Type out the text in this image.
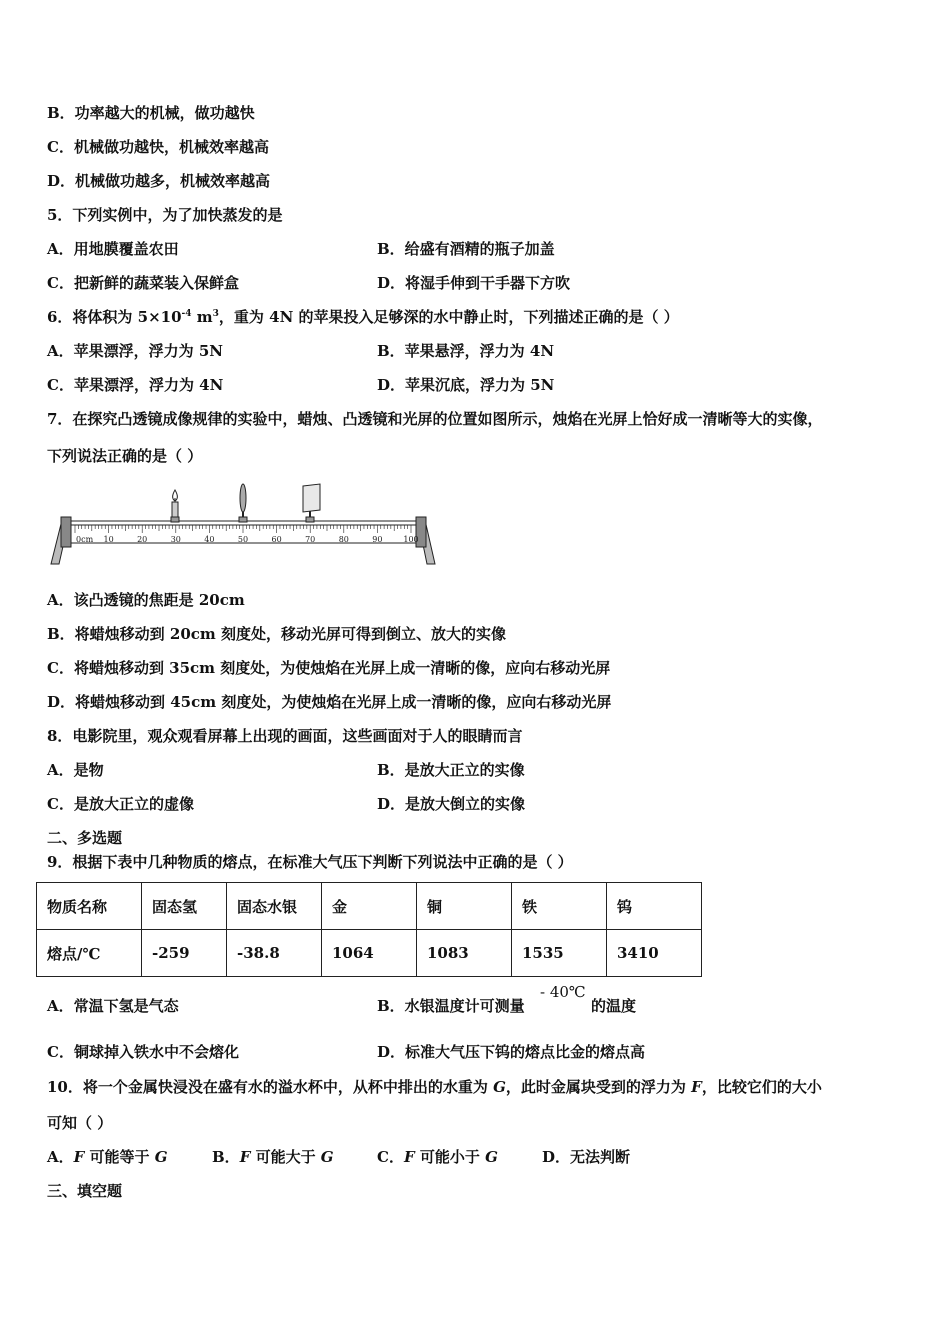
B．功率越大的机械，做功越快
C．机械做功越快，机械效率越高
D．机械做功越多，机械效率越高
5．下列实例中，为了加快蒸发的是
A．用地膜覆盖农田	B．给盛有酒精的瓶子加盖
C．把新鲜的蔬菜装入保鲜盒	D．将湿手伸到干手器下方吹
6．将体积为 $5\times 10^{-4}$ $m^3$，重为 4N 的苹果投入足够深的水中静止时，下列描述正确的是（ ）
A．苹果漂浮，浮力为 5N	B．苹果悬浮，浮力为 4N
C．苹果漂浮，浮力为 4N	D．苹果沉底，浮力为 5N
7．在探究凸透镜成像规律的实验中，蜡烛、凸透镜和光屏的位置如图所示，烛焰在光屏上恰好成一清晰等大的实像，
下列说法正确的是（ ）
0cm 10	20	30	40	50	60	70	80	90	100
A．该凸透镜的焦距是 20cm
B．将蜡烛移动到 20cm 刻度处，移动光屏可得到倒立、放大的实像
C．将蜡烛移动到 35cm 刻度处，为使烛焰在光屏上成一清晰的像，应向右移动光屏
D．将蜡烛移动到 45cm 刻度处，为使烛焰在光屏上成一清晰的像，应向右移动光屏
8．电影院里，观众观看屏幕上出现的画面，这些画面对于人的眼睛而言
A．是物	B．是放大正立的实像
C．是放大正立的虚像	D．是放大倒立的实像
二、多选题
9．根据下表中几种物质的熔点，在标准大气压下判断下列说法中正确的是（ ）
物质名称	固态氢	固态水银	金	铜	铁	钨
熔点/℃	-259	-38.8	1064	1083	1535	3410
A．常温下氢是气态	B．水银温度计可测量
- 40℃
的温度
C．铜球掉入铁水中不会熔化	D．标准大气压下钨的熔点比金的熔点高
10．将一个金属快浸没在盛有水的溢水杯中，从杯中排出的水重为 G，此时金属块受到的浮力为 F，比较它们的大小
可知（ ）
A．F 可能等于 G	B．F 可能大于 G	C．F 可能小于 G	D．无法判断
三、填空题
